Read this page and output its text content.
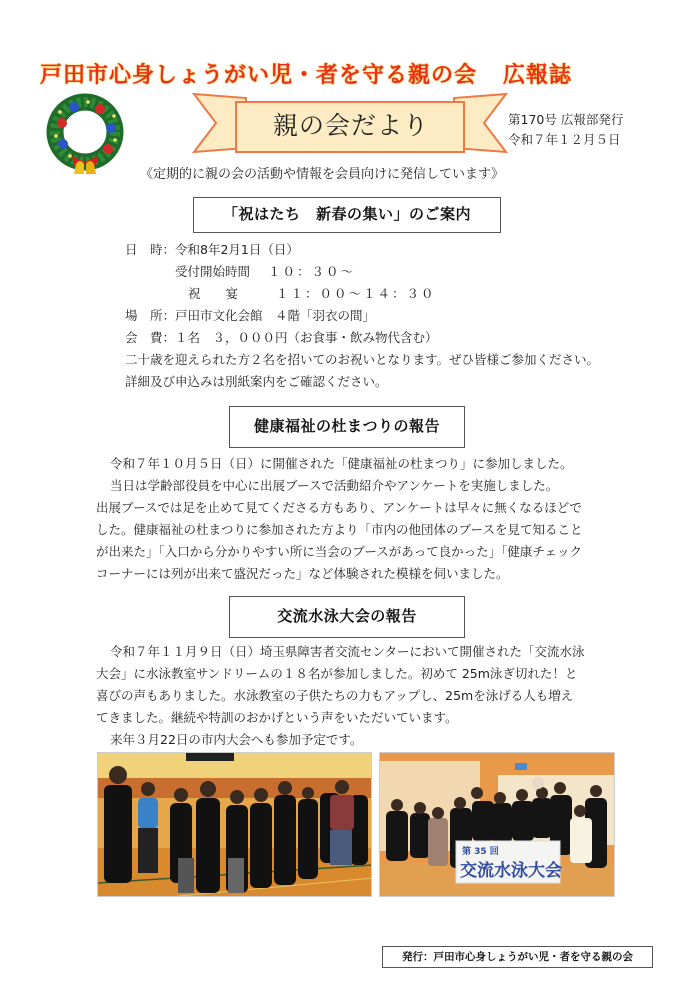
戸田市心身しょうがい児・者を守る親の会 広報誌
親の会だより	第170号 広報部発行
令和７年１２月５日
《定期的に親の会の活動や情報を会員向けに発信しています》
「祝はたち　新春の集い」のご案内
日　時：令和8年2月1日（日）
受付開始時間 １０：３０～
祝　　宴	１１：００～１４：３０
場　所：戸田市文化会館　４階「羽衣の間」
会　費：１名　３，０００円（お食事・飲み物代含む）
二十歳を迎えられた方２名を招いてのお祝いとなります。ぜひ皆様ご参加ください。
詳細及び申込みは別紙案内をご確認ください。
健康福祉の杜まつりの報告
令和７年１０月５日（日）に開催された「健康福祉の杜まつり」に参加しました。
当日は学齢部役員を中心に出展ブースで活動紹介やアンケートを実施しました。
出展ブースでは足を止めて見てくださる方もあり、アンケートは早々に無くなるほどで
した。健康福祉の杜まつりに参加された方より「市内の他団体のブースを見て知ること
が出来た」「入口から分かりやすい所に当会のブースがあって良かった」「健康チェック
コーナーには列が出来て盛況だった」など体験された模様を伺いました。
交流水泳大会の報告
令和７年１１月９日（日）埼玉県障害者交流センターにおいて開催された「交流水泳
大会」に水泳教室サンドリームの１８名が参加しました。初めて 25m泳ぎ切れた！と
喜びの声もありました。水泳教室の子供たちの力もアップし、25mを泳げる人も増え
てきました。継続や特訓のおかげという声をいただいています。
来年３月22日の市内大会へも参加予定です。
第 35 回
交流水泳大会
発行：戸田市心身しょうがい児・者を守る親の会
